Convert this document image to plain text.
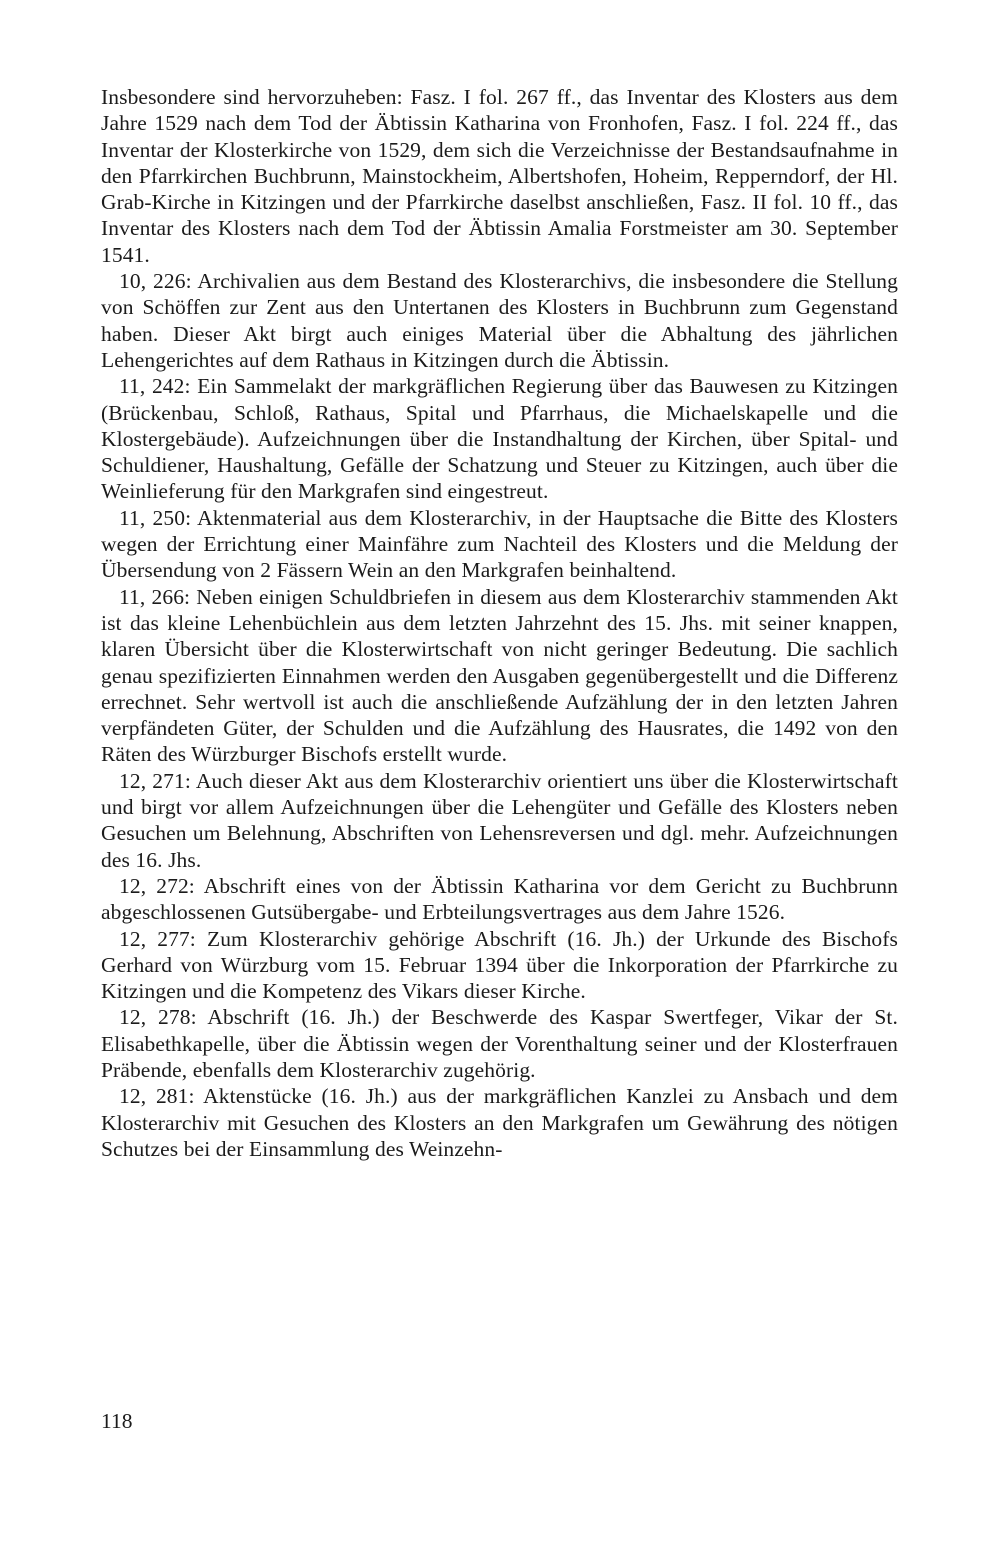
Insbesondere sind hervorzuheben: Fasz. I fol. 267 ff., das Inventar des Klosters aus dem Jahre 1529 nach dem Tod der Äbtissin Katharina von Fronhofen, Fasz. I fol. 224 ff., das Inventar der Klosterkirche von 1529, dem sich die Verzeichnisse der Bestandsaufnahme in den Pfarrkirchen Buchbrunn, Mainstockheim, Albertshofen, Hoheim, Repperndorf, der Hl. Grab-Kirche in Kitzingen und der Pfarrkirche daselbst anschließen, Fasz. II fol. 10 ff., das Inventar des Klosters nach dem Tod der Äbtissin Amalia Forstmeister am 30. September 1541.

10, 226: Archivalien aus dem Bestand des Klosterarchivs, die insbesondere die Stellung von Schöffen zur Zent aus den Untertanen des Klosters in Buchbrunn zum Gegenstand haben. Dieser Akt birgt auch einiges Material über die Abhaltung des jährlichen Lehengerichtes auf dem Rathaus in Kitzingen durch die Äbtissin.

11, 242: Ein Sammelakt der markgräflichen Regierung über das Bauwesen zu Kitzingen (Brückenbau, Schloß, Rathaus, Spital und Pfarrhaus, die Michaelskapelle und die Klostergebäude). Aufzeichnungen über die Instandhaltung der Kirchen, über Spital- und Schuldiener, Haushaltung, Gefälle der Schatzung und Steuer zu Kitzingen, auch über die Weinlieferung für den Markgrafen sind eingestreut.

11, 250: Aktenmaterial aus dem Klosterarchiv, in der Hauptsache die Bitte des Klosters wegen der Errichtung einer Mainfähre zum Nachteil des Klosters und die Meldung der Übersendung von 2 Fässern Wein an den Markgrafen beinhaltend.

11, 266: Neben einigen Schuldbriefen in diesem aus dem Klosterarchiv stammenden Akt ist das kleine Lehenbüchlein aus dem letzten Jahrzehnt des 15. Jhs. mit seiner knappen, klaren Übersicht über die Klosterwirtschaft von nicht geringer Bedeutung. Die sachlich genau spezifizierten Einnahmen werden den Ausgaben gegenübergestellt und die Differenz errechnet. Sehr wertvoll ist auch die anschließende Aufzählung der in den letzten Jahren verpfändeten Güter, der Schulden und die Aufzählung des Hausrates, die 1492 von den Räten des Würzburger Bischofs erstellt wurde.

12, 271: Auch dieser Akt aus dem Klosterarchiv orientiert uns über die Klosterwirtschaft und birgt vor allem Aufzeichnungen über die Lehengüter und Gefälle des Klosters neben Gesuchen um Belehnung, Abschriften von Lehensreversen und dgl. mehr. Aufzeichnungen des 16. Jhs.

12, 272: Abschrift eines von der Äbtissin Katharina vor dem Gericht zu Buchbrunn abgeschlossenen Gutsübergabe- und Erbteilungsvertrages aus dem Jahre 1526.

12, 277: Zum Klosterarchiv gehörige Abschrift (16. Jh.) der Urkunde des Bischofs Gerhard von Würzburg vom 15. Februar 1394 über die Inkorporation der Pfarrkirche zu Kitzingen und die Kompetenz des Vikars dieser Kirche.

12, 278: Abschrift (16. Jh.) der Beschwerde des Kaspar Swertfeger, Vikar der St. Elisabethkapelle, über die Äbtissin wegen der Vorenthaltung seiner und der Klosterfrauen Präbende, ebenfalls dem Klosterarchiv zugehörig.

12, 281: Aktenstücke (16. Jh.) aus der markgräflichen Kanzlei zu Ansbach und dem Klosterarchiv mit Gesuchen des Klosters an den Markgrafen um Gewährung des nötigen Schutzes bei der Einsammlung des Weinzehn-

118
